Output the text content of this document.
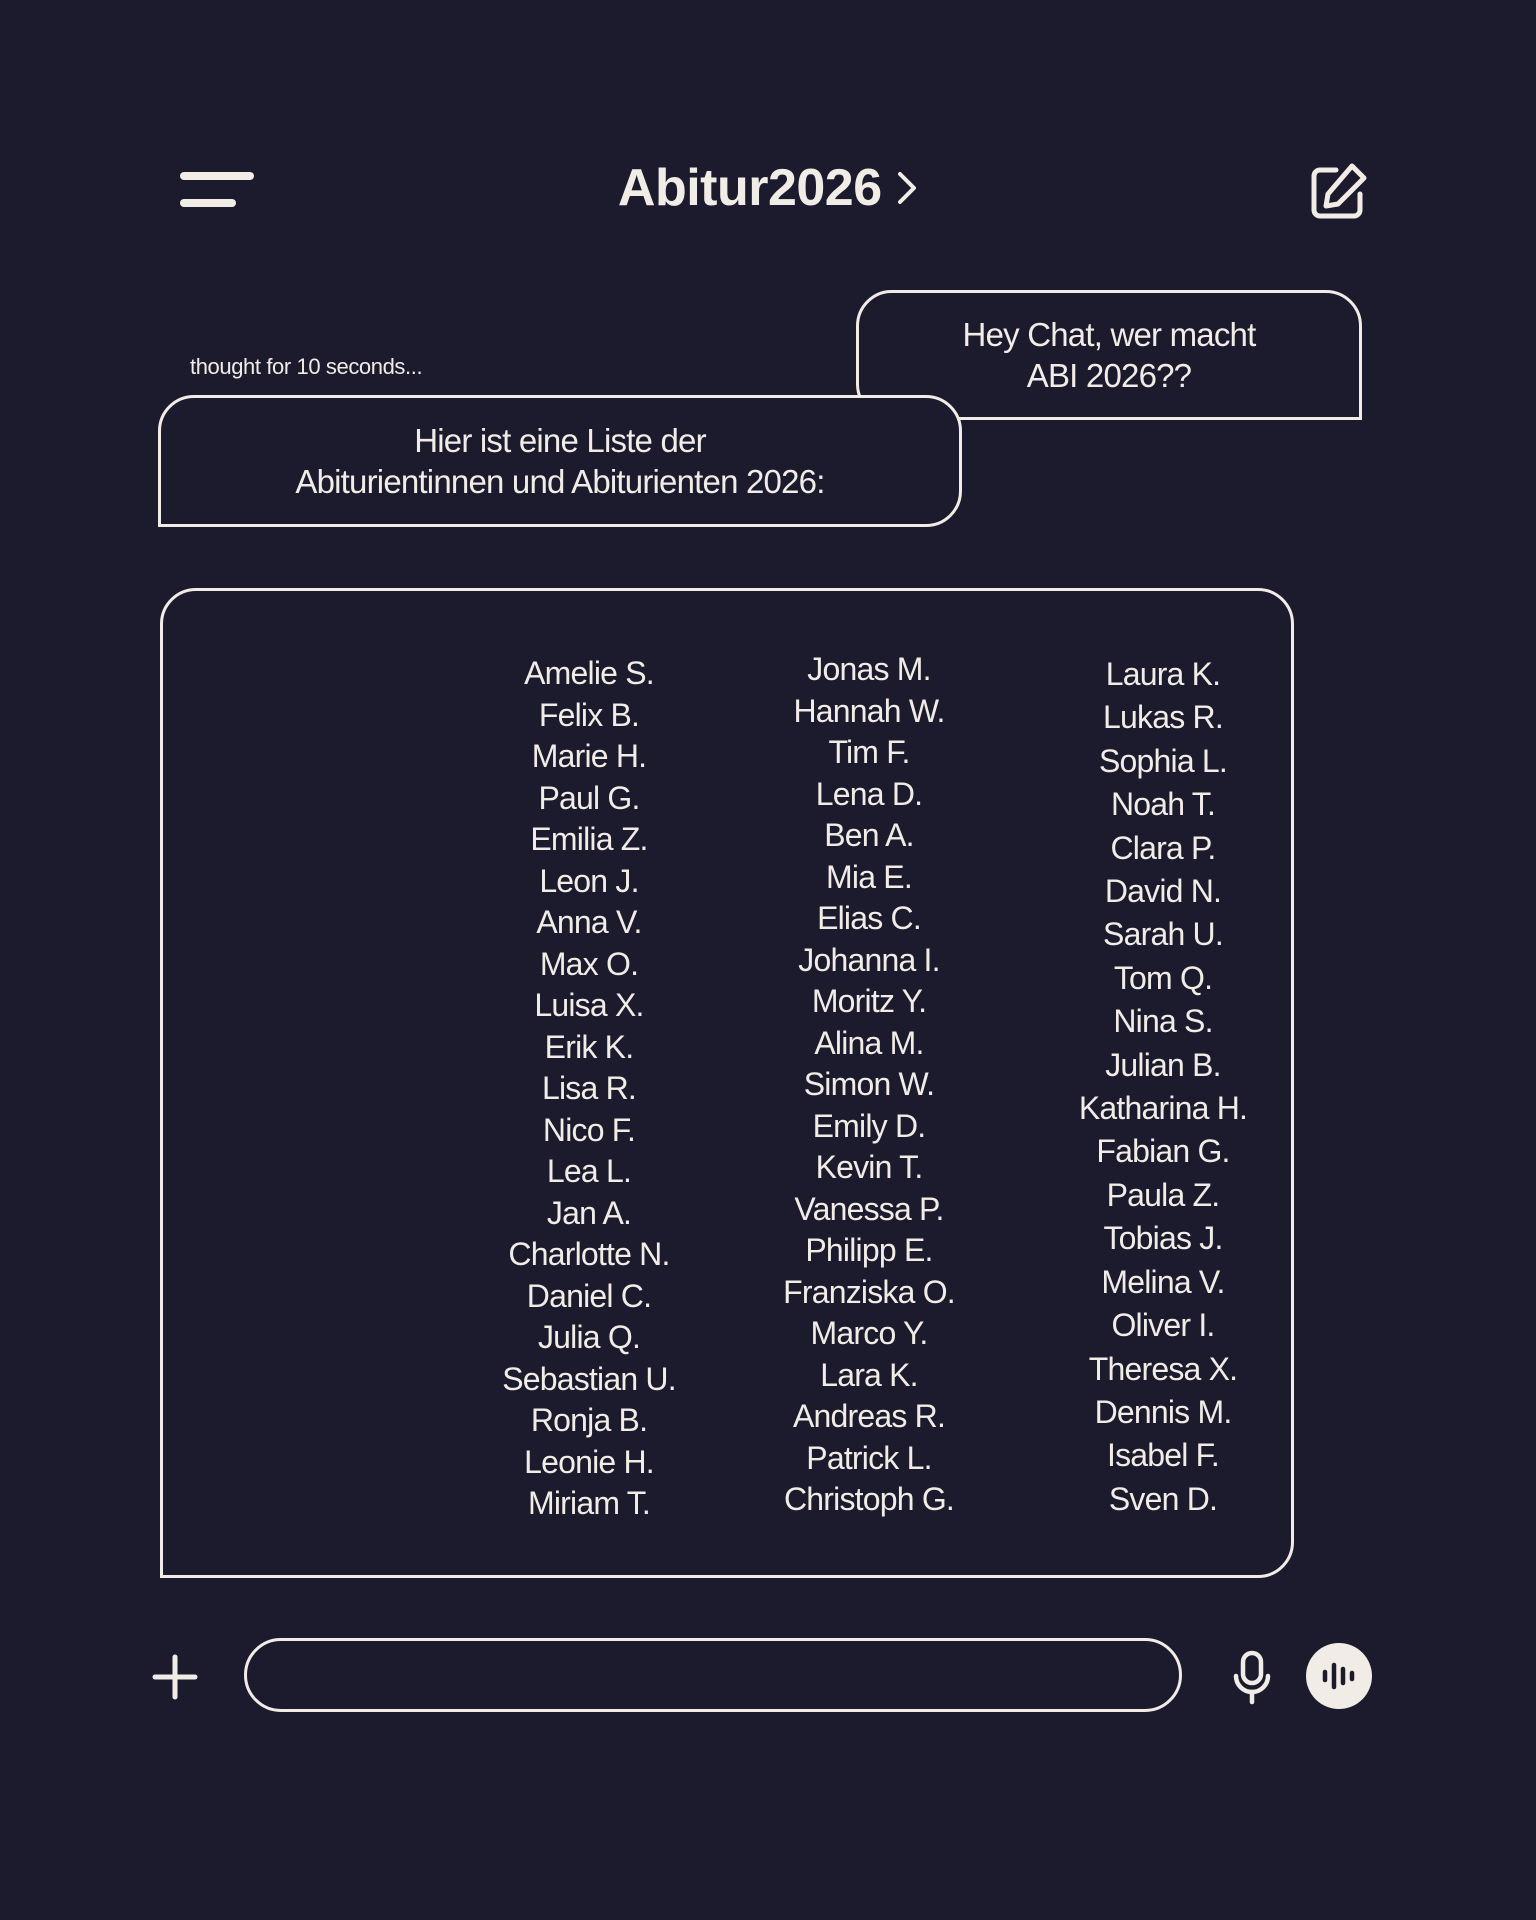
Abitur2026
Hey Chat, wer macht
ABI 2026??
thought for 10 seconds...
Hier ist eine Liste der
Abiturientinnen und Abiturienten 2026:
Amelie S.
Felix B.
Marie H.
Paul G.
Emilia Z.
Leon J.
Anna V.
Max O.
Luisa X.
Erik K.
Lisa R.
Nico F.
Lea L.
Jan A.
Charlotte N.
Daniel C.
Julia Q.
Sebastian U.
Ronja B.
Leonie H.
Miriam T.
Jonas M.
Hannah W.
Tim F.
Lena D.
Ben A.
Mia E.
Elias C.
Johanna I.
Moritz Y.
Alina M.
Simon W.
Emily D.
Kevin T.
Vanessa P.
Philipp E.
Franziska O.
Marco Y.
Lara K.
Andreas R.
Patrick L.
Christoph G.
Laura K.
Lukas R.
Sophia L.
Noah T.
Clara P.
David N.
Sarah U.
Tom Q.
Nina S.
Julian B.
Katharina H.
Fabian G.
Paula Z.
Tobias J.
Melina V.
Oliver I.
Theresa X.
Dennis M.
Isabel F.
Sven D.
